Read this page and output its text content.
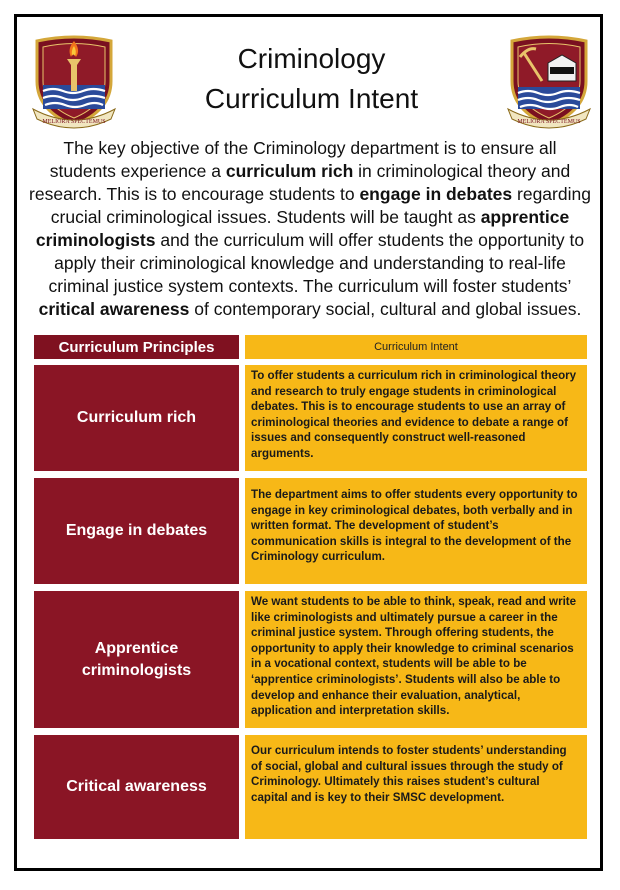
MELIORA SPECTEMUS
Criminology
Curriculum Intent
MELIORA SPECTEMUS

The key objective of the Criminology department is to ensure all students experience a curriculum rich in criminological theory and research. This is to encourage students to engage in debates regarding crucial criminological issues. Students will be taught as apprentice criminologists and the curriculum will offer students the opportunity to apply their criminological knowledge and understanding to real-life criminal justice system contexts. The curriculum will foster students’ critical awareness of contemporary social, cultural and global issues.

Curriculum Principles	Curriculum Intent
Curriculum rich
To offer students a curriculum rich in criminological theory and research to truly engage students in criminological debates. This is to encourage students to use an array of criminological theories and evidence to debate a range of issues and consequently construct well-reasoned arguments.
Engage in debates
The department aims to offer students every opportunity to engage in key criminological debates, both verbally and in written format. The development of student’s communication skills is integral to the development of the Criminology curriculum.
Apprentice criminologists
We want students to be able to think, speak, read and write like criminologists and ultimately pursue a career in the criminal justice system. Through offering students, the opportunity to apply their knowledge to criminal scenarios in a vocational context, students will be able to be ‘apprentice criminologists’. Students will also be able to develop and enhance their evaluation, analytical, application and interpretation skills.
Critical awareness
Our curriculum intends to foster students’ understanding of social, global and cultural issues through the study of Criminology. Ultimately this raises student’s cultural capital and is key to their SMSC development.
